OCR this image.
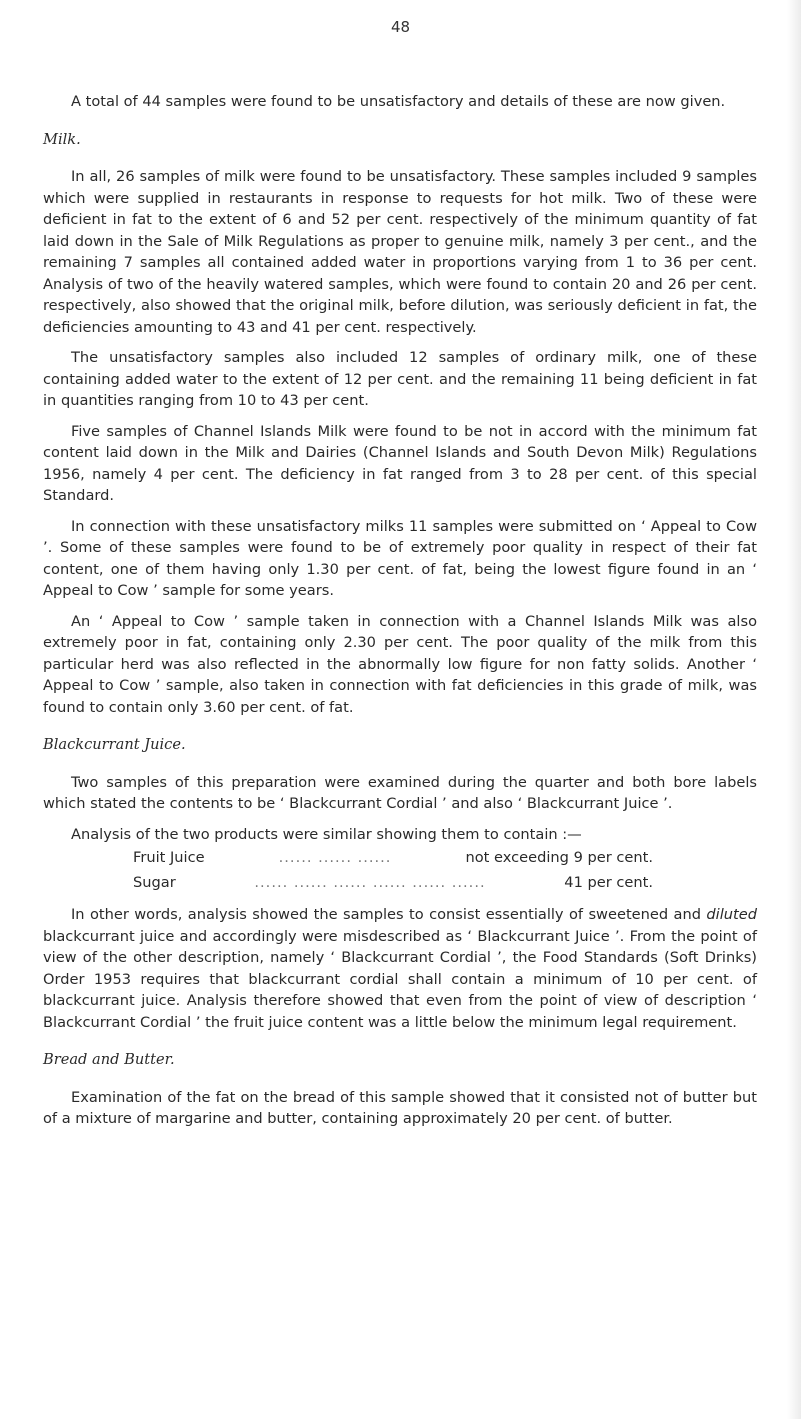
48

A total of 44 samples were found to be unsatisfactory and details of these are now given.

Milk.

In all, 26 samples of milk were found to be unsatisfactory. These samples included 9 samples which were supplied in restaurants in response to requests for hot milk. Two of these were deficient in fat to the extent of 6 and 52 per cent. respectively of the minimum quantity of fat laid down in the Sale of Milk Regulations as proper to genuine milk, namely 3 per cent., and the remaining 7 samples all contained added water in proportions varying from 1 to 36 per cent. Analysis of two of the heavily watered samples, which were found to contain 20 and 26 per cent. respectively, also showed that the original milk, before dilution, was seriously deficient in fat, the deficiencies amounting to 43 and 41 per cent. respectively.

The unsatisfactory samples also included 12 samples of ordinary milk, one of these containing added water to the extent of 12 per cent. and the remaining 11 being deficient in fat in quantities ranging from 10 to 43 per cent.

Five samples of Channel Islands Milk were found to be not in accord with the minimum fat content laid down in the Milk and Dairies (Channel Islands and South Devon Milk) Regulations 1956, namely 4 per cent. The deficiency in fat ranged from 3 to 28 per cent. of this special Standard.

In connection with these unsatisfactory milks 11 samples were submitted on ‘ Appeal to Cow ’. Some of these samples were found to be of extremely poor quality in respect of their fat content, one of them having only 1.30 per cent. of fat, being the lowest figure found in an ‘ Appeal to Cow ’ sample for some years.

An ‘ Appeal to Cow ’ sample taken in connection with a Channel Islands Milk was also extremely poor in fat, containing only 2.30 per cent. The poor quality of the milk from this particular herd was also reflected in the abnormally low figure for non fatty solids. Another ‘ Appeal to Cow ’ sample, also taken in connection with fat deficiencies in this grade of milk, was found to contain only 3.60 per cent. of fat.

Blackcurrant Juice.

Two samples of this preparation were examined during the quarter and both bore labels which stated the contents to be ‘ Blackcurrant Cordial ’ and also ‘ Blackcurrant Juice ’.

Analysis of the two products were similar showing them to contain :—

Fruit Juice	...... ...... ......	not exceeding 9 per cent.
Sugar	...... ...... ...... ...... ...... ......	41 per cent.

In other words, analysis showed the samples to consist essentially of sweetened and diluted blackcurrant juice and accordingly were misdescribed as ‘ Blackcurrant Juice ’. From the point of view of the other description, namely ‘ Blackcurrant Cordial ’, the Food Standards (Soft Drinks) Order 1953 requires that blackcurrant cordial shall contain a minimum of 10 per cent. of blackcurrant juice. Analysis therefore showed that even from the point of view of description ‘ Blackcurrant Cordial ’ the fruit juice content was a little below the minimum legal requirement.

Bread and Butter.

Examination of the fat on the bread of this sample showed that it consisted not of butter but of a mixture of margarine and butter, containing approximately 20 per cent. of butter.
